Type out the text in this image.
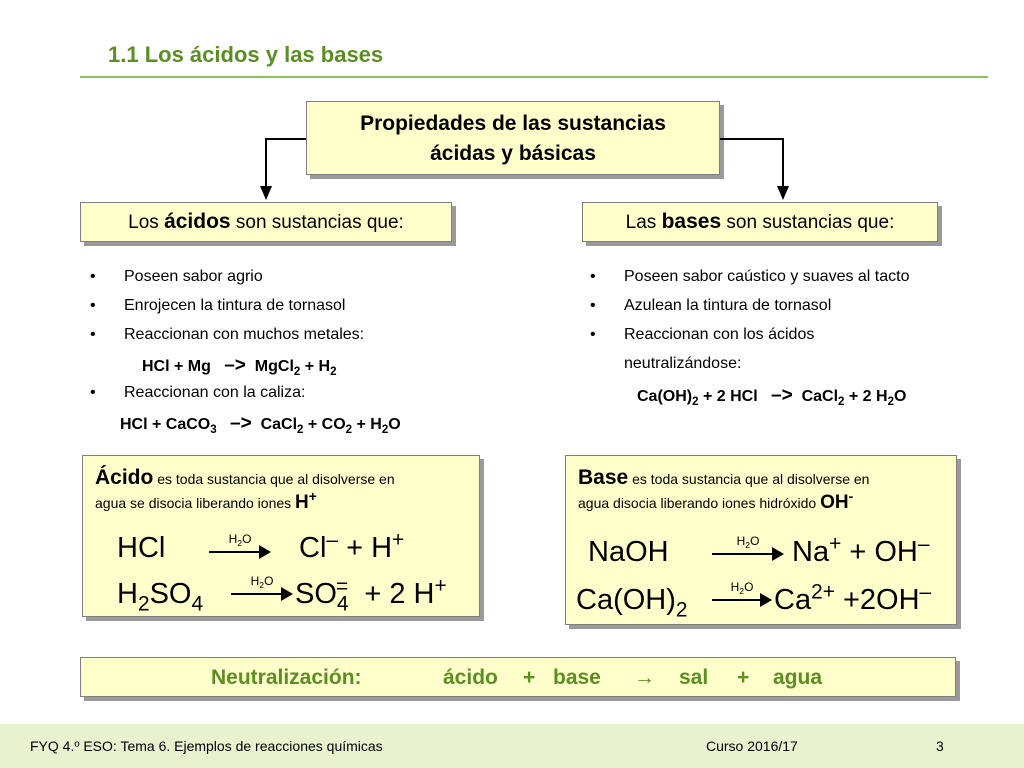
1.1 Los ácidos y las bases
Propiedades de las sustancias
ácidas y básicas
Los ácidos son sustancias que:	Las bases son sustancias que:
•	Poseen sabor agrio
•	Enrojecen la tintura de tornasol
•	Reaccionan con muchos metales:
HCl + Mg –> MgCl$_2$ + $H_2$
•	Reaccionan con la caliza:
HCl + CaCO$_3$ –> CaCl$_2$ + $CO_2 + H_2O$
•	Poseen sabor caústico y suaves al tacto
•	Azulean la tintura de tornasol
•	Reaccionan con los ácidos
neutralizándose:
$Ca(OH)_2 + 2$ HCl –> CaCl$_2$ + 2 $H_2O$
Ácido es toda sustancia que al disolverse en
agua se disocia liberando iones H+
HCl	$H_2O$	Cl– + H+
$H_2SO_4$
$H_2O$ $SO_4^= + 2$ H+
Base es toda sustancia que al disolverse en
agua disocia liberando iones hidróxido OH-
NaOH	$H_2O$	Na+ + OH–
$Ca(OH)_2$
$H_2O$ $Ca^{2+} +2OH^-$
Neutralización:	ácido + base → sal + agua
FYQ 4.º ESO: Tema 6. Ejemplos de reacciones químicas	Curso 2016/17	3
